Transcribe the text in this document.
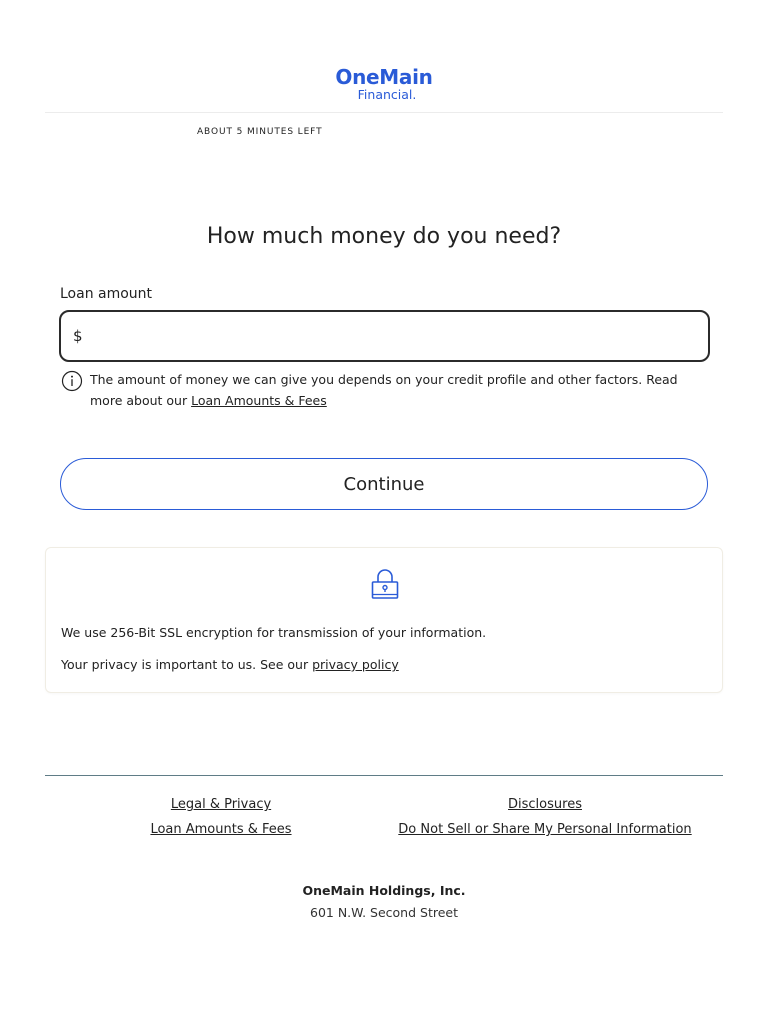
OneMain
Financial.
ABOUT 5 MINUTES LEFT
How much money do you need?
Loan amount
$

The amount of money we can give you depends on your credit profile and other factors. Read more about our Loan Amounts & Fees

Continue

We use 256-Bit SSL encryption for transmission of your information.

Your privacy is important to us. See our privacy policy

Legal & Privacy
Loan Amounts & Fees
Disclosures
Do Not Sell or Share My Personal Information
OneMain Holdings, Inc.
601 N.W. Second Street
